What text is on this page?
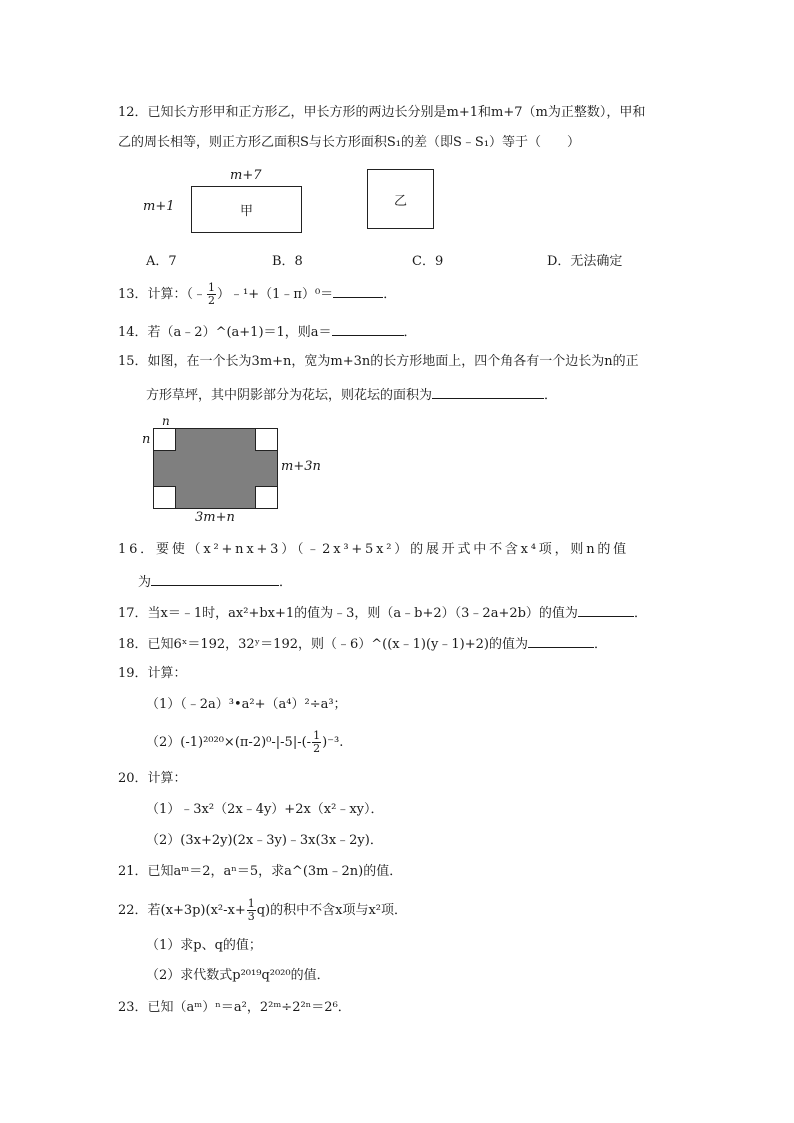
12．已知长方形甲和正方形乙，甲长方形的两边长分别是m+1和m+7（m为正整数），甲和
乙的周长相等，则正方形乙面积S与长方形面积S₁的差（即S﹣S₁）等于（　　）
m+7
m+1	甲
乙
A．7	B．8	C．9	D．无法确定
13．计算：（﹣ $\frac{1}{2}$ ）﹣¹+（1﹣π）⁰＝	．
14．若（a﹣2）^(a+1)＝1，则a＝	．
15．如图，在一个长为3m+n，宽为m+3n的长方形地面上，四个角各有一个边长为n的正
方形草坪，其中阴影部分为花坛，则花坛的面积为	．
n
n
m+3n
3m+n
16．要使（x²+nx+3）（﹣2x³+5x²）的展开式中不含x⁴项，则n的值
为	．
17．当x＝﹣1时，ax²+bx+1的值为﹣3，则（a﹣b+2）（3﹣2a+2b）的值为	．
18．已知6ˣ＝192，32ʸ＝192，则（﹣6）^((x﹣1)(y﹣1)+2)的值为	．
19．计算：
（1）（﹣2a）³•a²+（a⁴）²÷a³；
$(2)(-1)^{2020}\times(\pi-2)^0-|-5|-(- \frac{1}{2} )^{-3}$.
20．计算：
（1）﹣3x²（2x﹣4y）+2x（x²﹣xy）．
（2）(3x+2y)(2x﹣3y)﹣3x(3x﹣2y)．
21．已知aᵐ＝2，aⁿ＝5，求a^(3m﹣2n)的值．
22．若$(x+3p)(x^2-x+ \frac{1}{3} q)$的积中不含x项与x²项．
（1）求p、q的值；
（2）求代数式p²⁰¹⁹q²⁰²⁰的值．
23．已知（aᵐ）ⁿ＝a²，2²ᵐ÷2²ⁿ＝2⁶．
